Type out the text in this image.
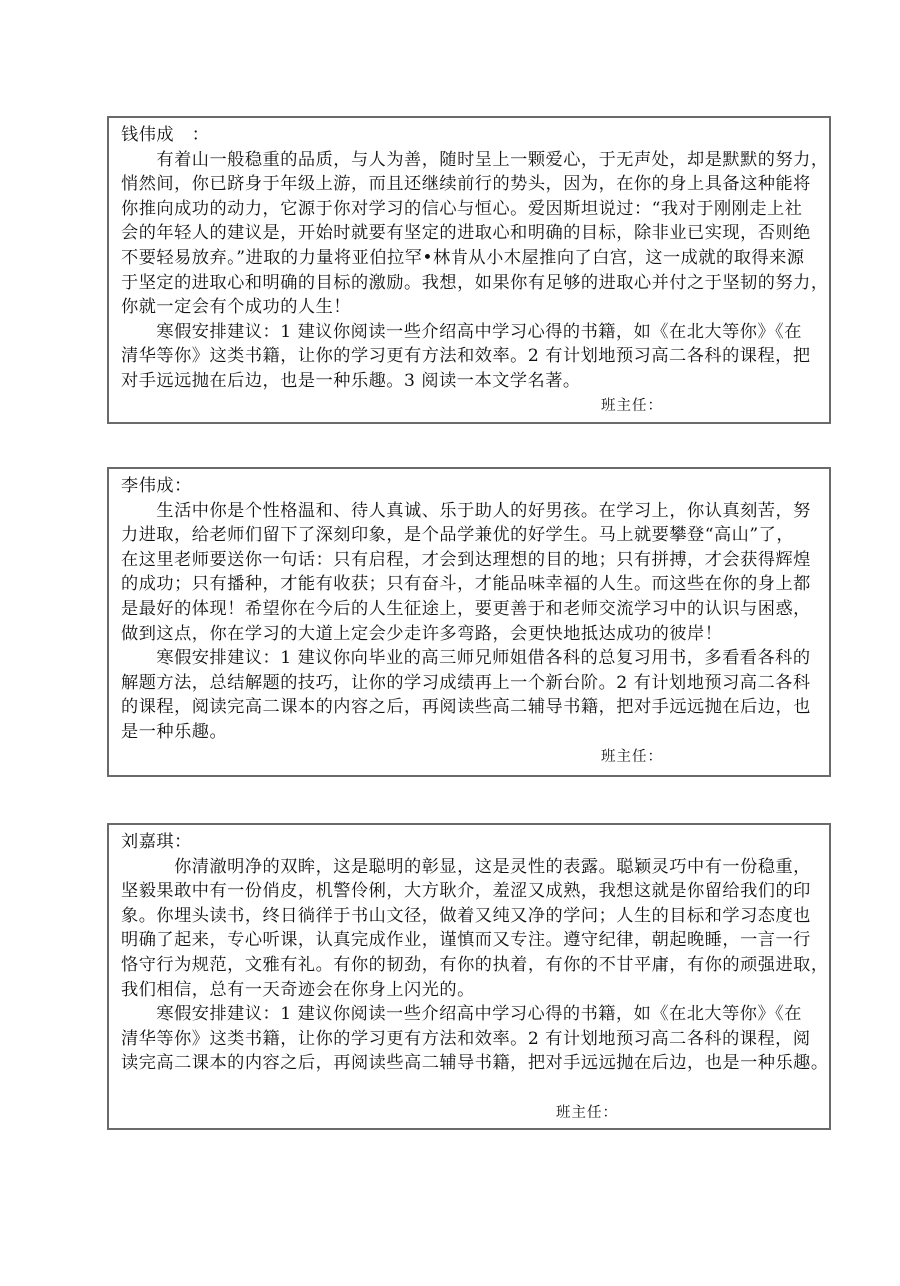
钱伟成　：
　　有着山一般稳重的品质，与人为善，随时呈上一颗爱心，于无声处，却是默默的努力，
悄然间，你已跻身于年级上游，而且还继续前行的势头，因为，在你的身上具备这种能将
你推向成功的动力，它源于你对学习的信心与恒心。爱因斯坦说过：“我对于刚刚走上社
会的年轻人的建议是，开始时就要有坚定的进取心和明确的目标，除非业已实现，否则绝
不要轻易放弃。”进取的力量将亚伯拉罕•林肯从小木屋推向了白宫，这一成就的取得来源
于坚定的进取心和明确的目标的激励。我想，如果你有足够的进取心并付之于坚韧的努力，
你就一定会有个成功的人生！
　　寒假安排建议：1 建议你阅读一些介绍高中学习心得的书籍，如《在北大等你》《在
清华等你》这类书籍，让你的学习更有方法和效率。2 有计划地预习高二各科的课程，把
对手远远抛在后边，也是一种乐趣。3 阅读一本文学名著。
班主任：
李伟成：
　　生活中你是个性格温和、待人真诚、乐于助人的好男孩。在学习上，你认真刻苦，努
力进取，给老师们留下了深刻印象，是个品学兼优的好学生。马上就要攀登“高山”了，
在这里老师要送你一句话：只有启程，才会到达理想的目的地；只有拼搏，才会获得辉煌
的成功；只有播种，才能有收获；只有奋斗，才能品味幸福的人生。而这些在你的身上都
是最好的体现！希望你在今后的人生征途上，要更善于和老师交流学习中的认识与困惑，
做到这点，你在学习的大道上定会少走许多弯路，会更快地抵达成功的彼岸！
　　寒假安排建议：1 建议你向毕业的高三师兄师姐借各科的总复习用书，多看看各科的
解题方法，总结解题的技巧，让你的学习成绩再上一个新台阶。2 有计划地预习高二各科
的课程，阅读完高二课本的内容之后，再阅读些高二辅导书籍，把对手远远抛在后边，也
是一种乐趣。
班主任：
刘嘉琪：
　　　你清澈明净的双眸，这是聪明的彰显，这是灵性的表露。聪颖灵巧中有一份稳重，
坚毅果敢中有一份俏皮，机警伶俐，大方耿介，羞涩又成熟，我想这就是你留给我们的印
象。你埋头读书，终日徜徉于书山文径，做着又纯又净的学问；人生的目标和学习态度也
明确了起来，专心听课，认真完成作业，谨慎而又专注。遵守纪律，朝起晚睡，一言一行
恪守行为规范，文雅有礼。有你的韧劲，有你的执着，有你的不甘平庸，有你的顽强进取，
我们相信，总有一天奇迹会在你身上闪光的。
　　寒假安排建议：1 建议你阅读一些介绍高中学习心得的书籍，如《在北大等你》《在
清华等你》这类书籍，让你的学习更有方法和效率。2 有计划地预习高二各科的课程，阅
读完高二课本的内容之后，再阅读些高二辅导书籍，把对手远远抛在后边，也是一种乐趣。
班主任：
